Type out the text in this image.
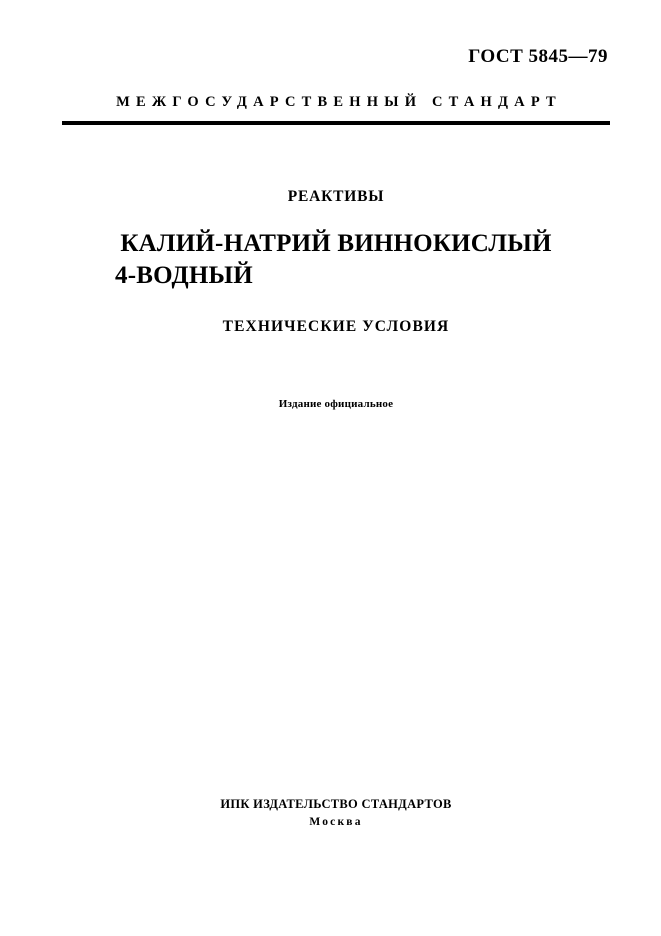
ГОСТ 5845—79
МЕЖГОСУДАРСТВЕННЫЙ СТАНДАРТ
РЕАКТИВЫ
КАЛИЙ-НАТРИЙ ВИННОКИСЛЫЙ
4-ВОДНЫЙ
ТЕХНИЧЕСКИЕ УСЛОВИЯ
Издание официальное
ИПК ИЗДАТЕЛЬСТВО СТАНДАРТОВ
Москва
